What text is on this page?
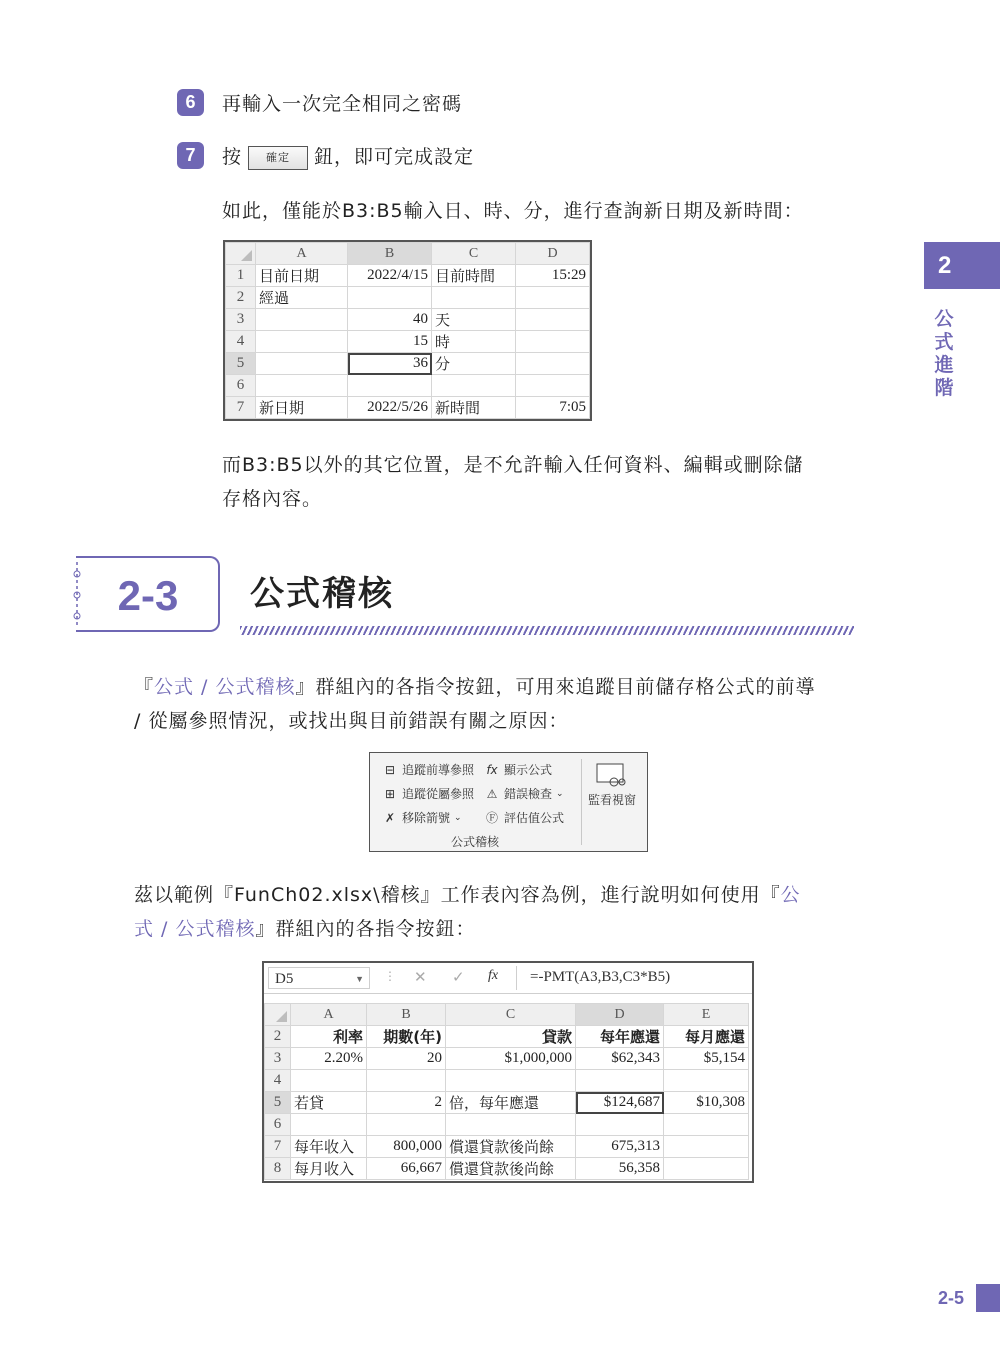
6	再輸入一次完全相同之密碼
7	按 確定 鈕，即可完成設定
如此，僅能於B3:B5輸入日、時、分，進行查詢新日期及新時間：
	A	B	C	D
1	目前日期	2022/4/15	目前時間	15:29
2	經過			
3		40	天	
4		15	時	
5		36	分	
6				
7	新日期	2022/5/26	新時間	7:05
而B3:B5以外的其它位置，是不允許輸入任何資料、編輯或刪除儲
存格內容。
2
公式進階
2-3	公式稽核
『公式 / 公式稽核』群組內的各指令按鈕，可用來追蹤目前儲存格公式的前導
/ 從屬參照情況，或找出與目前錯誤有關之原因：
⊟ 追蹤前導參照
⊞ 追蹤從屬參照
✗ 移除箭號 ⌄
fx 顯示公式
⚠ 錯誤檢查 ⌄
Ⓕ 評估值公式
監看視窗
公式稽核
茲以範例『FunCh02.xlsx\稽核』工作表內容為例，進行說明如何使用『公
式 / 公式稽核』群組內的各指令按鈕：
D5	▼ ⋮ ✕ ✓ fx =-PMT(A3,B3,C3*B5)
	A	B	C	D	E
2	利率	期數(年)	貸款	每年應還	每月應還
3	2.20%	20	$1,000,000	$62,343	$5,154
4					
5	若貸	2	倍，每年應還	$124,687	$10,308
6					
7	每年收入	800,000	償還貸款後尚餘	675,313	
8	每月收入	66,667	償還貸款後尚餘	56,358	
2-5
